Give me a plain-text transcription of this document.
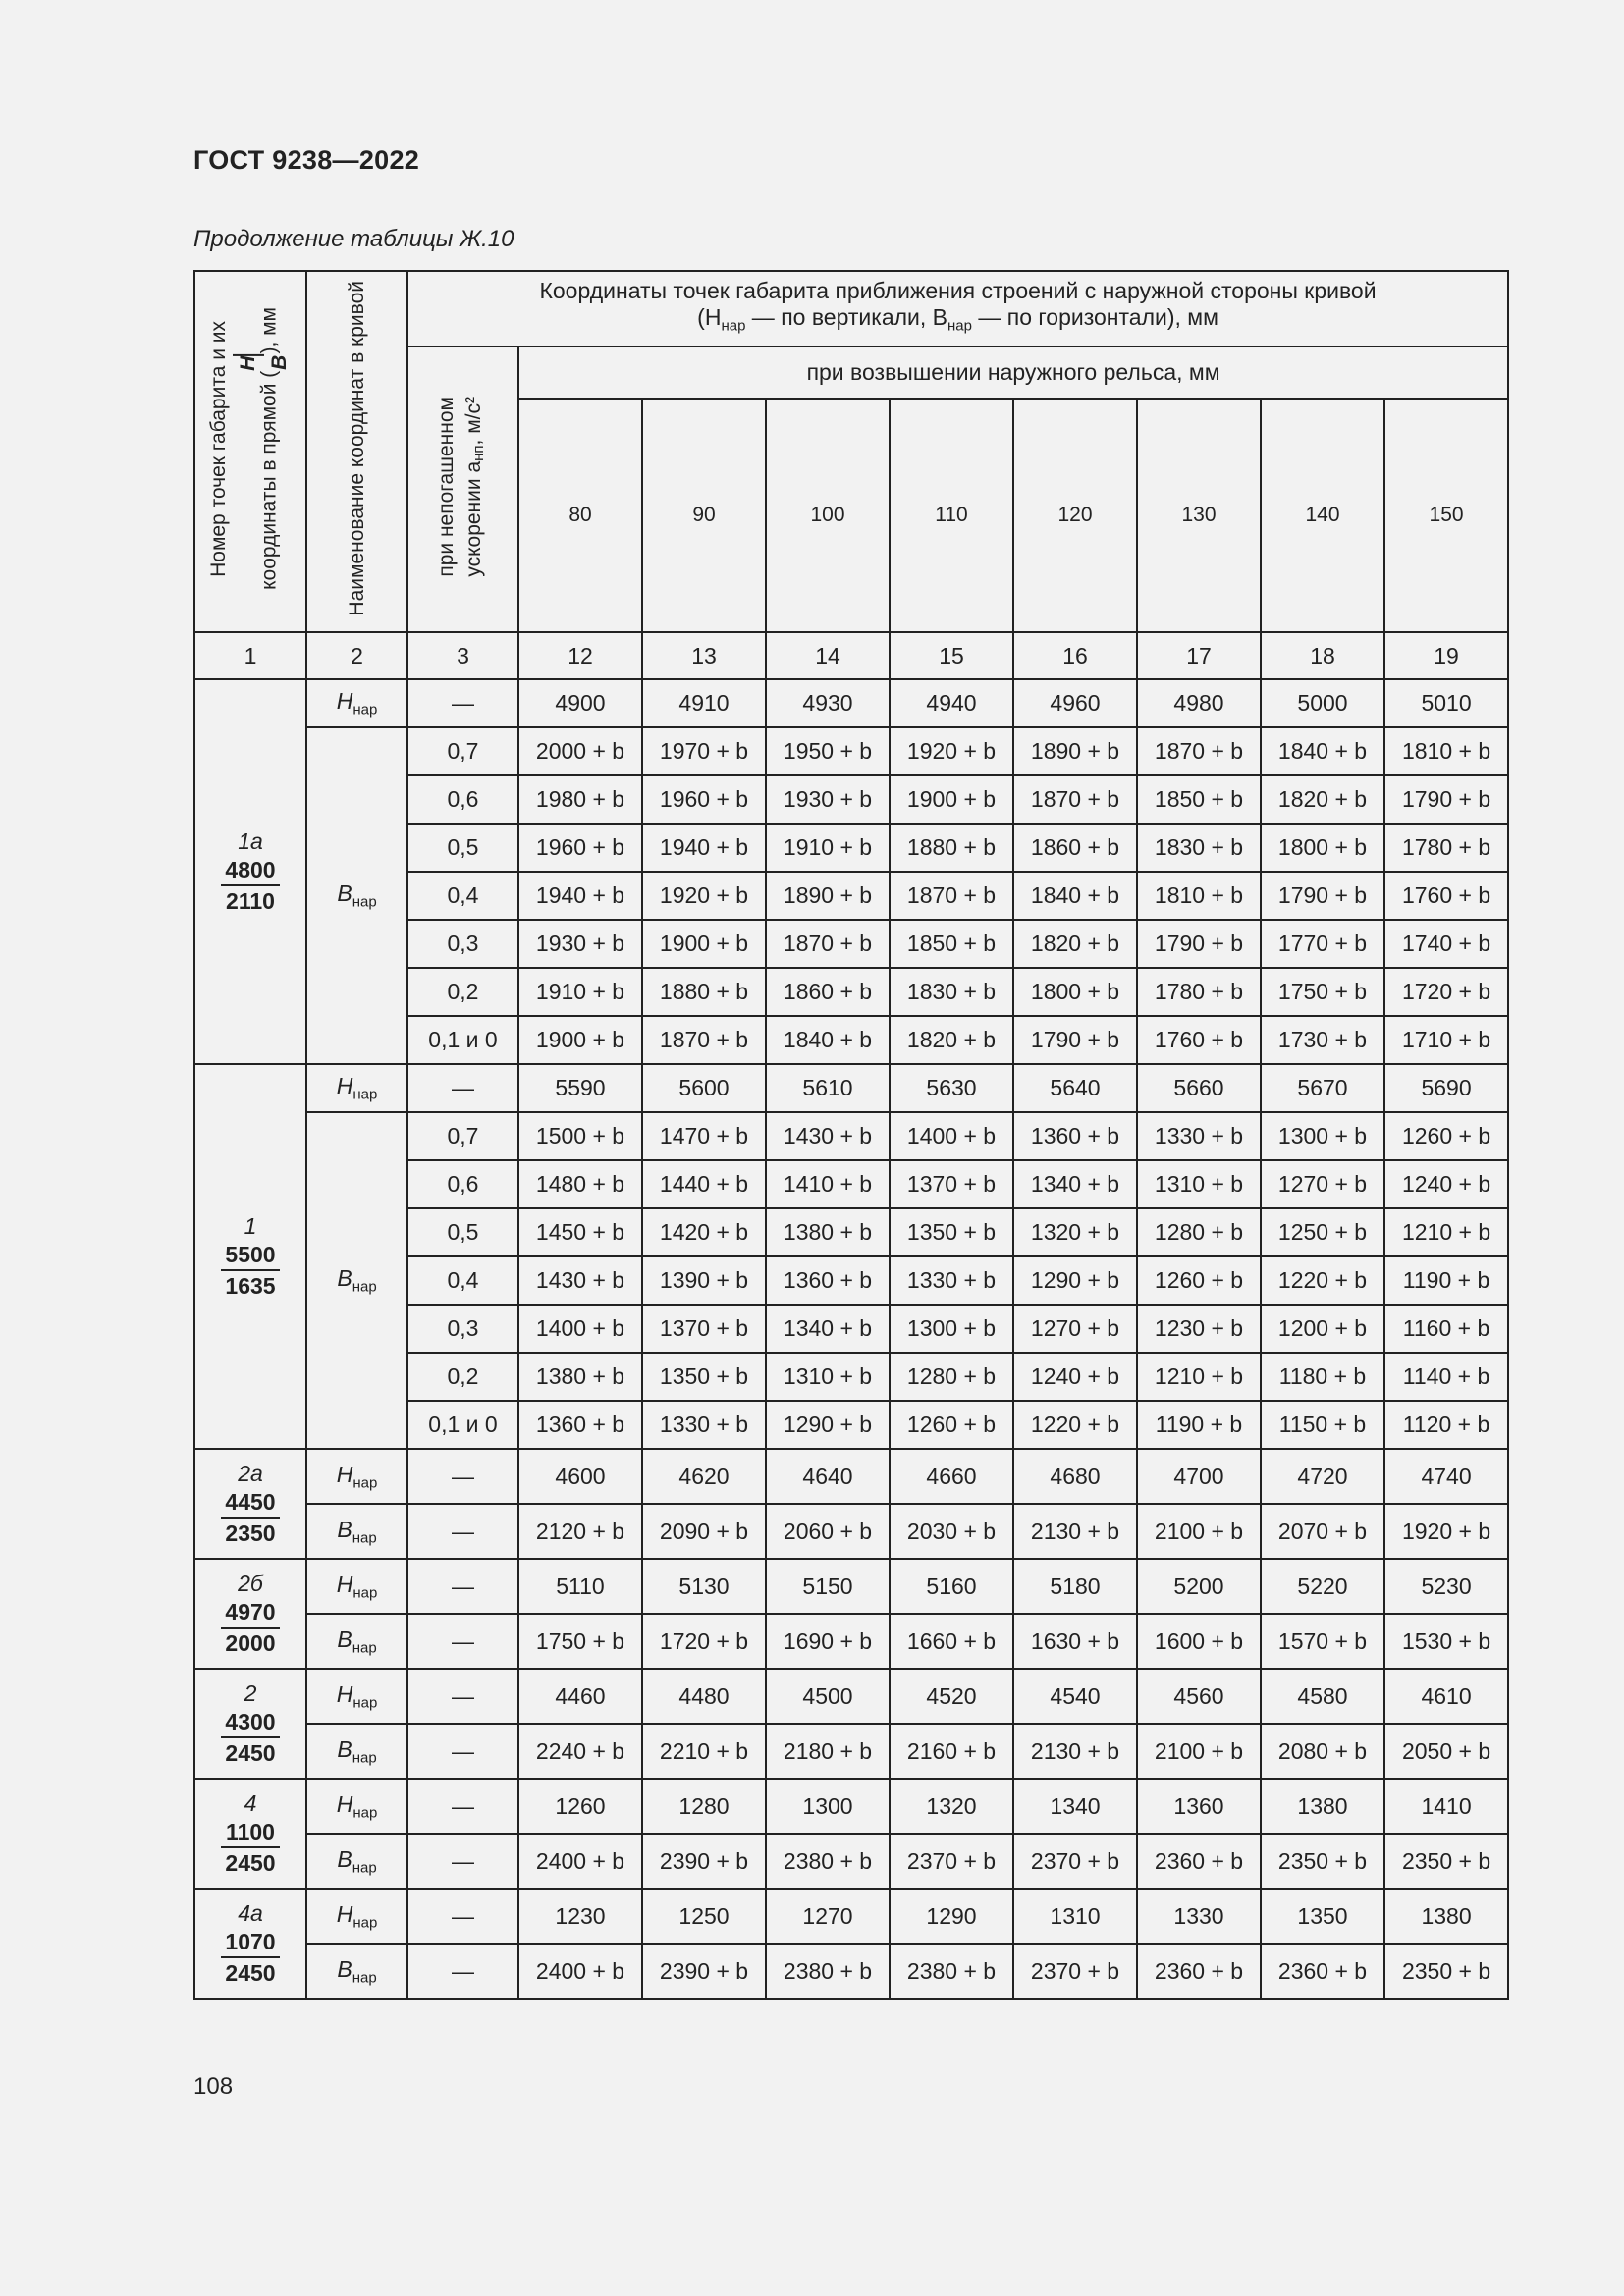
ГОСТ 9238—2022
Продолжение таблицы Ж.10
Номер точек габарита и их координаты в прямой (
H B
), мм	Наименование координат в кривой	Координаты точек габарита приближения строений с наружной стороны кривой
($H_{нар}$ — по вертикали, $B_{нар}$ — по горизонтали), мм								
		при непогашенном ускорении $a_{нп}$, м/с²	при возвышении наружного рельса, мм							
			80	90	100	110	120	130	140	150
1	2	3	12	13	14	15	16	17	18	19

1а
4800
2110	$H_{нар}$	—	4900	4910	4930	4940	4960	4980	5000	5010
	$B_{нар}$	0,7	2000 + b	1970 + b	1950 + b	1920 + b	1890 + b	1870 + b	1840 + b	1810 + b
		0,6	1980 + b	1960 + b	1930 + b	1900 + b	1870 + b	1850 + b	1820 + b	1790 + b
		0,5	1960 + b	1940 + b	1910 + b	1880 + b	1860 + b	1830 + b	1800 + b	1780 + b
		0,4	1940 + b	1920 + b	1890 + b	1870 + b	1840 + b	1810 + b	1790 + b	1760 + b
		0,3	1930 + b	1900 + b	1870 + b	1850 + b	1820 + b	1790 + b	1770 + b	1740 + b
		0,2	1910 + b	1880 + b	1860 + b	1830 + b	1800 + b	1780 + b	1750 + b	1720 + b
		0,1 и 0	1900 + b	1870 + b	1840 + b	1820 + b	1790 + b	1760 + b	1730 + b	1710 + b

1
5500
1635	$H_{нар}$	—	5590	5600	5610	5630	5640	5660	5670	5690
	$B_{нар}$	0,7	1500 + b	1470 + b	1430 + b	1400 + b	1360 + b	1330 + b	1300 + b	1260 + b
		0,6	1480 + b	1440 + b	1410 + b	1370 + b	1340 + b	1310 + b	1270 + b	1240 + b
		0,5	1450 + b	1420 + b	1380 + b	1350 + b	1320 + b	1280 + b	1250 + b	1210 + b
		0,4	1430 + b	1390 + b	1360 + b	1330 + b	1290 + b	1260 + b	1220 + b	1190 + b
		0,3	1400 + b	1370 + b	1340 + b	1300 + b	1270 + b	1230 + b	1200 + b	1160 + b
		0,2	1380 + b	1350 + b	1310 + b	1280 + b	1240 + b	1210 + b	1180 + b	1140 + b
		0,1 и 0	1360 + b	1330 + b	1290 + b	1260 + b	1220 + b	1190 + b	1150 + b	1120 + b

2а
4450
2350	$H_{нар}$	—	4600	4620	4640	4660	4680	4700	4720	4740
	$B_{нар}$	—	2120 + b	2090 + b	2060 + b	2030 + b	2130 + b	2100 + b	2070 + b	1920 + b

2б
4970
2000	$H_{нар}$	—	5110	5130	5150	5160	5180	5200	5220	5230
	$B_{нар}$	—	1750 + b	1720 + b	1690 + b	1660 + b	1630 + b	1600 + b	1570 + b	1530 + b

2
4300
2450	$H_{нар}$	—	4460	4480	4500	4520	4540	4560	4580	4610
	$B_{нар}$	—	2240 + b	2210 + b	2180 + b	2160 + b	2130 + b	2100 + b	2080 + b	2050 + b

4
1100
2450	$H_{нар}$	—	1260	1280	1300	1320	1340	1360	1380	1410
	$B_{нар}$	—	2400 + b	2390 + b	2380 + b	2370 + b	2370 + b	2360 + b	2350 + b	2350 + b

4а
1070
2450	$H_{нар}$	—	1230	1250	1270	1290	1310	1330	1350	1380
	$B_{нар}$	—	2400 + b	2390 + b	2380 + b	2380 + b	2370 + b	2360 + b	2360 + b	2350 + b
108
